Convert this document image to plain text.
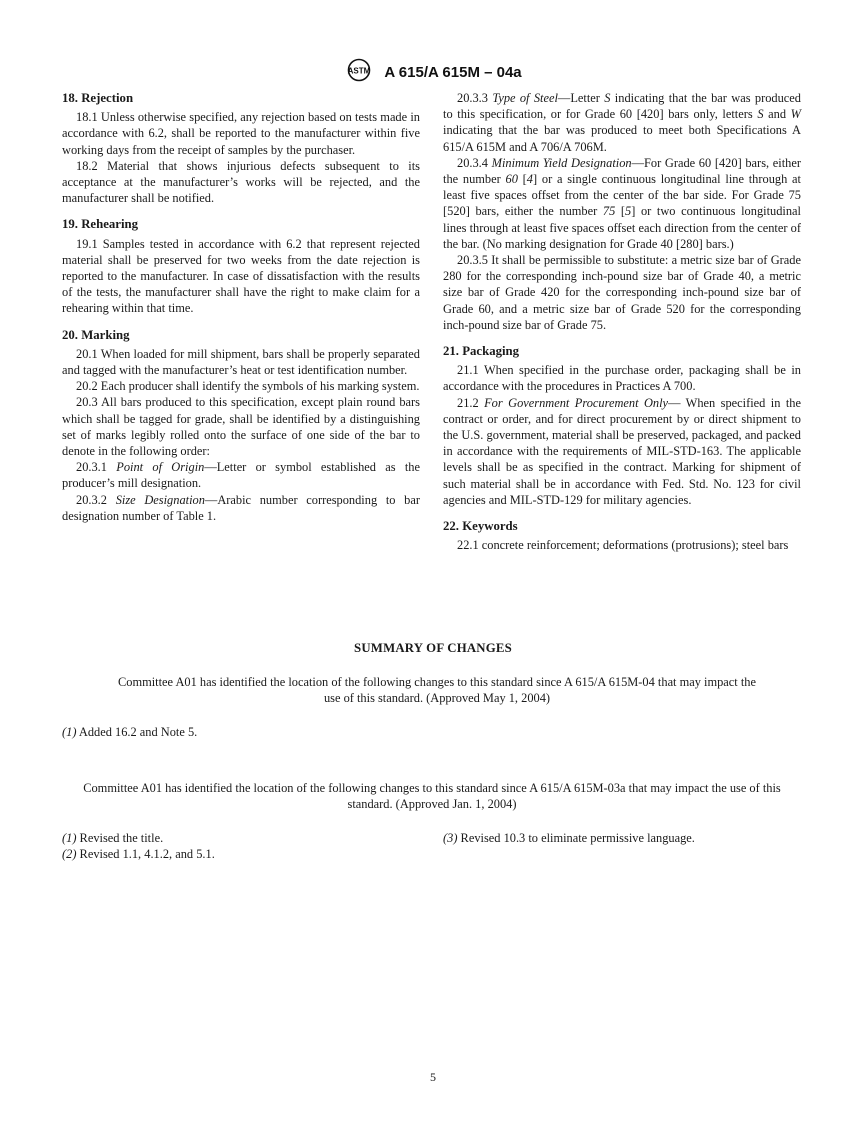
ASTM A 615/A 615M – 04a
18. Rejection

18.1 Unless otherwise specified, any rejection based on tests made in accordance with 6.2, shall be reported to the manufacturer within five working days from the receipt of samples by the purchaser.

18.2 Material that shows injurious defects subsequent to its acceptance at the manufacturer’s works will be rejected, and the manufacturer shall be notified.

19. Rehearing

19.1 Samples tested in accordance with 6.2 that represent rejected material shall be preserved for two weeks from the date rejection is reported to the manufacturer. In case of dissatisfaction with the results of the tests, the manufacturer shall have the right to make claim for a rehearing within that time.

20. Marking

20.1 When loaded for mill shipment, bars shall be properly separated and tagged with the manufacturer’s heat or test identification number.

20.2 Each producer shall identify the symbols of his marking system.

20.3 All bars produced to this specification, except plain round bars which shall be tagged for grade, shall be identified by a distinguishing set of marks legibly rolled onto the surface of one side of the bar to denote in the following order:

20.3.1 Point of Origin—Letter or symbol established as the producer’s mill designation.

20.3.2 Size Designation—Arabic number corresponding to bar designation number of Table 1.

20.3.3 Type of Steel—Letter S indicating that the bar was produced to this specification, or for Grade 60 [420] bars only, letters S and W indicating that the bar was produced to meet both Specifications A 615/A 615M and A 706/A 706M.

20.3.4 Minimum Yield Designation—For Grade 60 [420] bars, either the number 60 [4] or a single continuous longitudinal line through at least five spaces offset from the center of the bar side. For Grade 75 [520] bars, either the number 75 [5] or two continuous longitudinal lines through at least five spaces offset each direction from the center of the bar. (No marking designation for Grade 40 [280] bars.)

20.3.5 It shall be permissible to substitute: a metric size bar of Grade 280 for the corresponding inch-pound size bar of Grade 40, a metric size bar of Grade 420 for the corresponding inch-pound size bar of Grade 60, and a metric size bar of Grade 520 for the corresponding inch-pound size bar of Grade 75.

21. Packaging

21.1 When specified in the purchase order, packaging shall be in accordance with the procedures in Practices A 700.

21.2 For Government Procurement Only— When specified in the contract or order, and for direct procurement by or direct shipment to the U.S. government, material shall be preserved, packaged, and packed in accordance with the requirements of MIL-STD-163. The applicable levels shall be as specified in the contract. Marking for shipment of such material shall be in accordance with Fed. Std. No. 123 for civil agencies and MIL-STD-129 for military agencies.

22. Keywords

22.1 concrete reinforcement; deformations (protrusions); steel bars

SUMMARY OF CHANGES
Committee A01 has identified the location of the following changes to this standard since A 615/A 615M-04 that may impact the use of this standard. (Approved May 1, 2004)
(1) Added 16.2 and Note 5.
Committee A01 has identified the location of the following changes to this standard since A 615/A 615M-03a that may impact the use of this standard. (Approved Jan. 1, 2004)
(1) Revised the title.
(2) Revised 1.1, 4.1.2, and 5.1.
(3) Revised 10.3 to eliminate permissive language.
5
